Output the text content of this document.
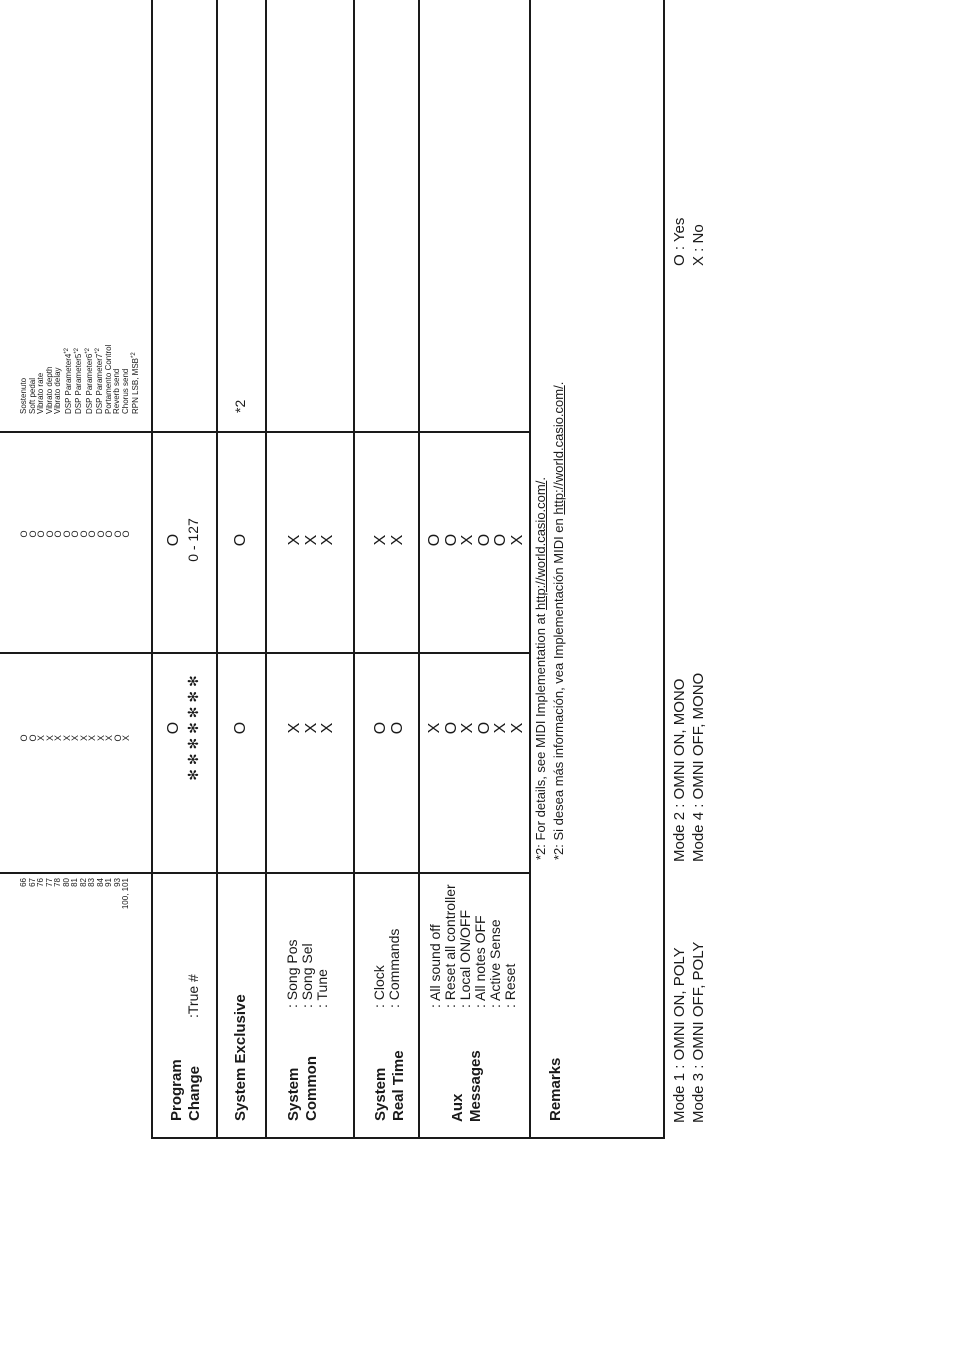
66 67 76 77 78 80 81 82 83 84 91 93 100, 101
O
O
X
X
X
X
X
X
X
X
X
O
X
O
O
O
O
O
O
O
O
O
O
O
O
O
Sostenuto Soft pedal Vibrato rate Vibrato depth Vibrato delay DSP Parameter4$^{*2}$
DSP Parameter5$^{*2}$
DSP Parameter6$^{*2}$
DSP Parameter7$^{*2}$ Portamento Control Reverb send Chorus send RPN LSB, MSB$^{*2}$
Program Change
:True #
O ✻ ✻ ✻ ✻ ✻ ✻ ✻
O 0 - 127
System Exclusive
O
O
*2
System Common
: Song Pos : Song Sel : Tune
X X X
X X X
System Real Time
: Clock : Commands
O O
X X
Aux Messages
: All sound off : Reset all controller : Local ON/OFF : All notes OFF : Active Sense : Reset
X O X O X X
O O X O O X
Remarks
*2: For details, see MIDI Implementation at http://world.casio.com/.
*2: Si desea más información, vea Implementación MIDI en http://world.casio.com/.
Mode 1 : OMNI ON, POLY Mode 3 : OMNI OFF, POLY
Mode 2 : OMNI ON, MONO Mode 4 : OMNI OFF, MONO
O : Yes X : No
